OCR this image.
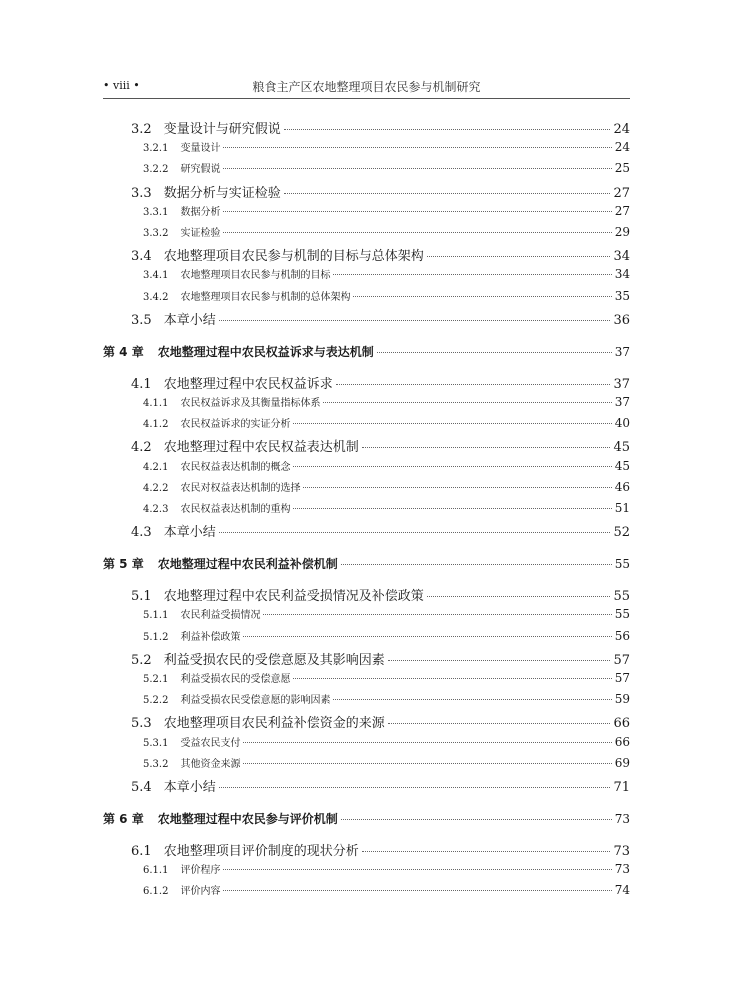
• viii •	粮食主产区农地整理项目农民参与机制研究
3.2 变量设计与研究假说	24
3.2.1 变量设计	24
3.2.2 研究假说	25
3.3 数据分析与实证检验	27
3.3.1 数据分析	27
3.3.2 实证检验	29
3.4 农地整理项目农民参与机制的目标与总体架构	34
3.4.1 农地整理项目农民参与机制的目标	34
3.4.2 农地整理项目农民参与机制的总体架构	35
3.5 本章小结	36
第 4 章 农地整理过程中农民权益诉求与表达机制	37
4.1 农地整理过程中农民权益诉求	37
4.1.1 农民权益诉求及其衡量指标体系	37
4.1.2 农民权益诉求的实证分析	40
4.2 农地整理过程中农民权益表达机制	45
4.2.1 农民权益表达机制的概念	45
4.2.2 农民对权益表达机制的选择	46
4.2.3 农民权益表达机制的重构	51
4.3 本章小结	52
第 5 章 农地整理过程中农民利益补偿机制	55
5.1 农地整理过程中农民利益受损情况及补偿政策	55
5.1.1 农民利益受损情况	55
5.1.2 利益补偿政策	56
5.2 利益受损农民的受偿意愿及其影响因素	57
5.2.1 利益受损农民的受偿意愿	57
5.2.2 利益受损农民受偿意愿的影响因素	59
5.3 农地整理项目农民利益补偿资金的来源	66
5.3.1 受益农民支付	66
5.3.2 其他资金来源	69
5.4 本章小结	71
第 6 章 农地整理过程中农民参与评价机制	73
6.1 农地整理项目评价制度的现状分析	73
6.1.1 评价程序	73
6.1.2 评价内容	74
